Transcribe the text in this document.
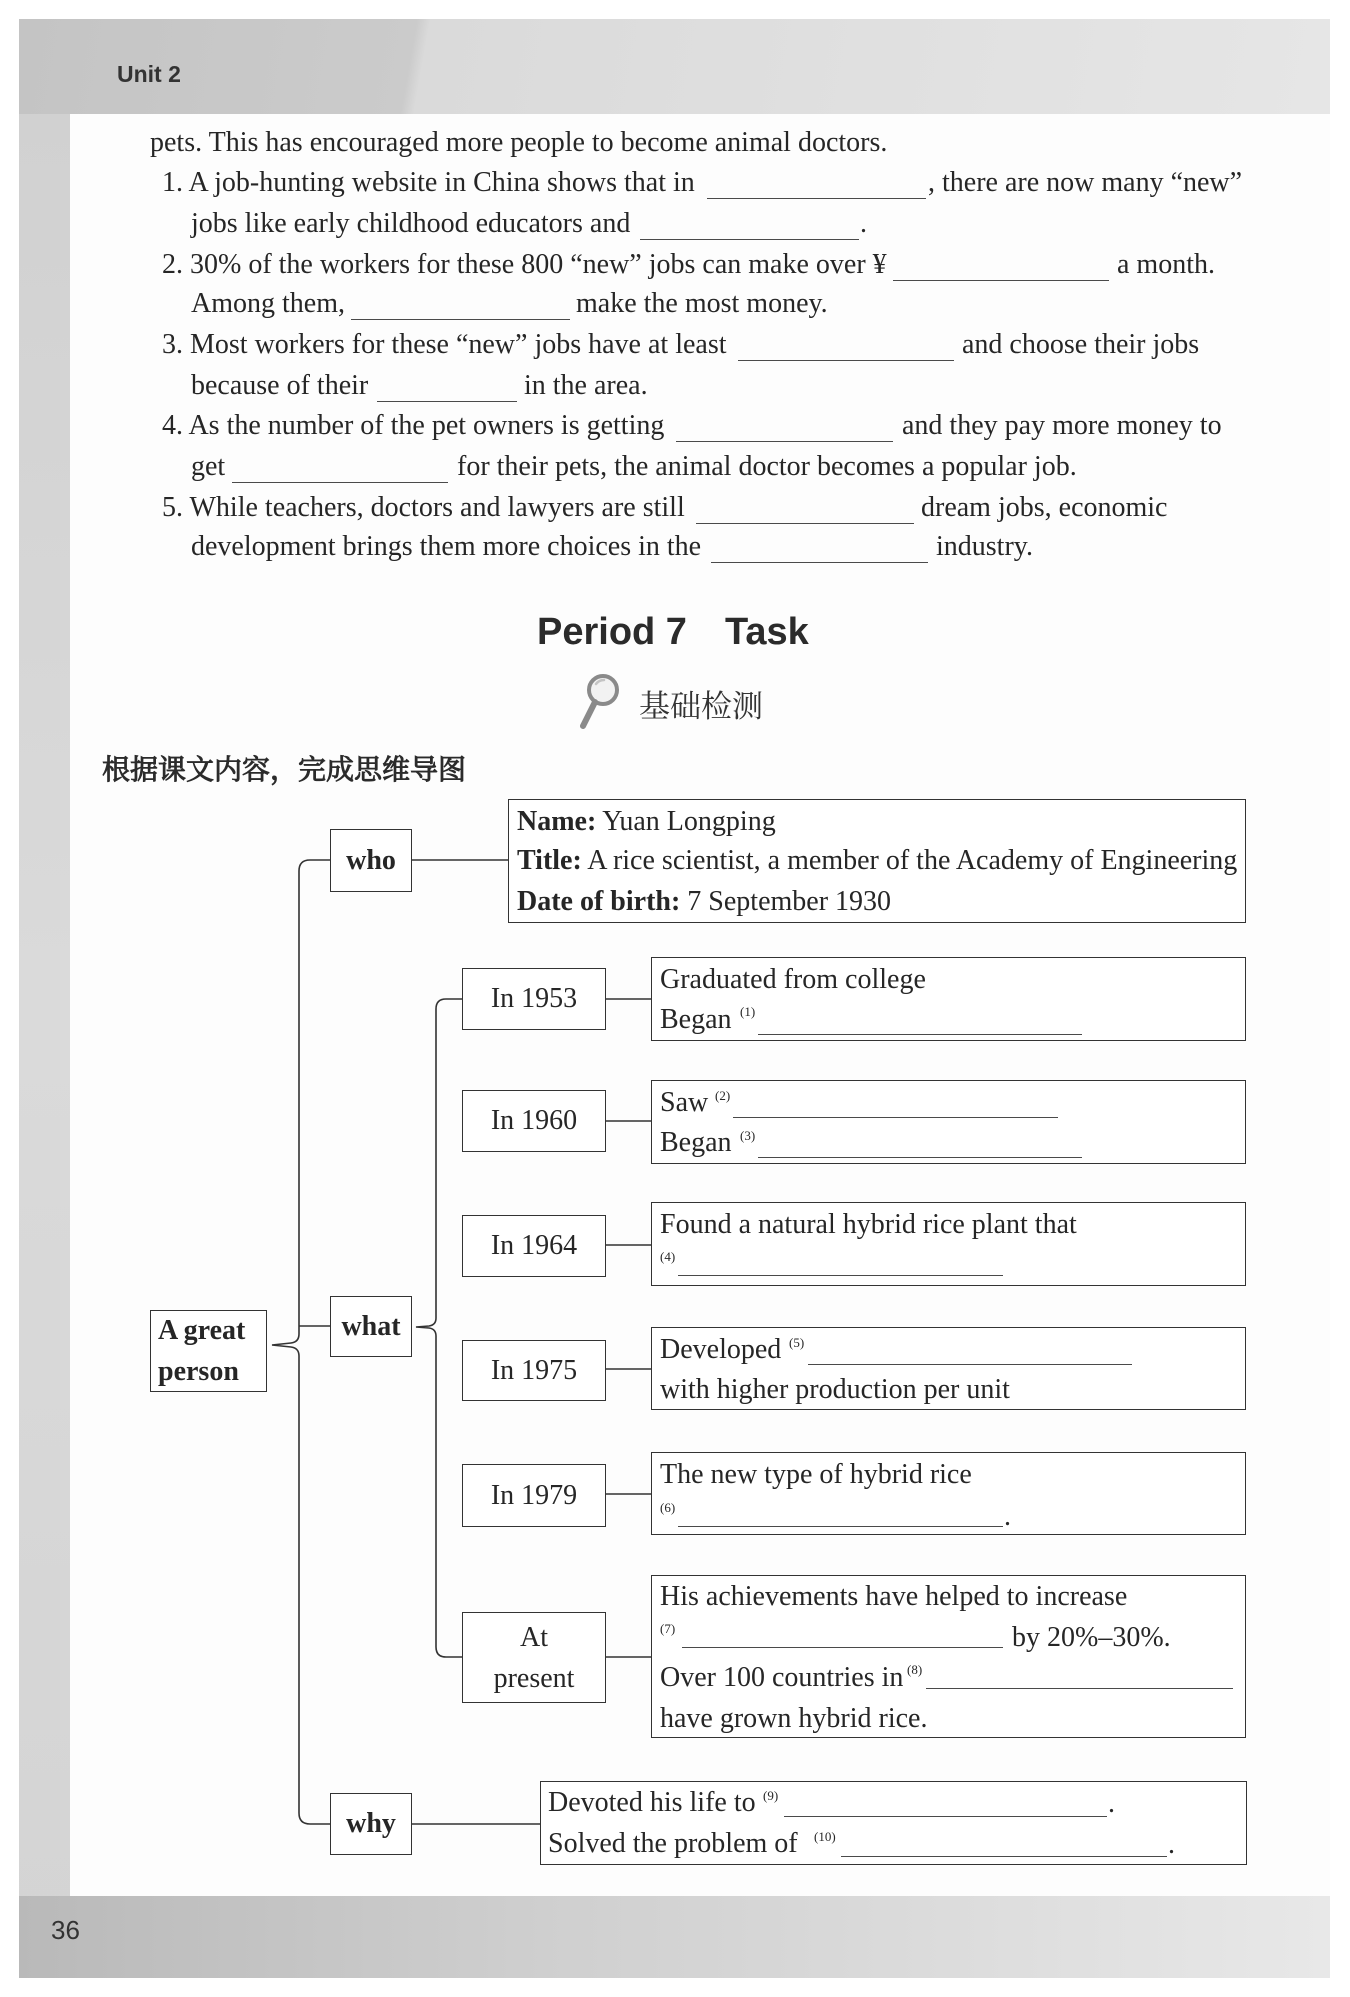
Unit 2
36
pets. This has encouraged more people to become animal doctors.
1. A job-hunting website in China shows that in	, there are now many “new”
jobs like early childhood educators and	.
2. 30% of the workers for these 800 “new” jobs can make over ¥	a month.
Among them,	make the most money.
3. Most workers for these “new” jobs have at least	and choose their jobs
because of their	in the area.
4. As the number of the pet owners is getting	and they pay more money to
get	for their pets, the animal doctor becomes a popular job.
5. While teachers, doctors and lawyers are still	dream jobs, economic
development brings them more choices in the	industry.
Period 7 Task
基础检测
根据课文内容，完成思维导图
A great
person
who
Name: Yuan Longping
Title: A rice scientist, a member of the Academy of Engineering
Date of birth: 7 September 1930
what
In 1953
Graduated from college
Began (1)
In 1960
Saw (2)
Began (3)
In 1964
Found a natural hybrid rice plant that
(4)
In 1975
Developed (5)
with higher production per unit
In 1979
The new type of hybrid rice
(6)	.
At
present
His achievements have helped to increase
(7)	by 20%–30%.
Over 100 countries in (8)
have grown hybrid rice.
why
Devoted his life to (9)	.
Solved the problem of (10)	.
